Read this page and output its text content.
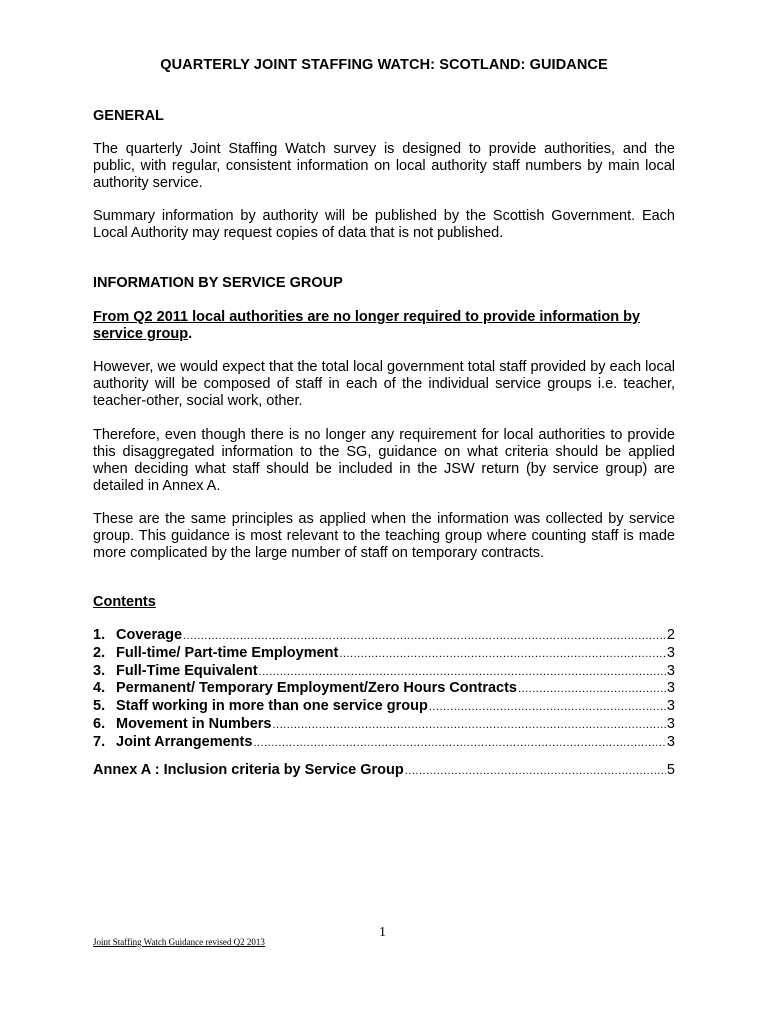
QUARTERLY JOINT STAFFING WATCH: SCOTLAND: GUIDANCE
GENERAL
The quarterly Joint Staffing Watch survey is designed to provide authorities, and the public, with regular, consistent information on local authority staff numbers by main local authority service.
Summary information by authority will be published by the Scottish Government. Each Local Authority may request copies of data that is not published.
INFORMATION BY SERVICE GROUP
From Q2 2011 local authorities are no longer required to provide information by service group.
However, we would expect that the total local government total staff provided by each local authority will be composed of staff in each of the individual service groups i.e. teacher, teacher-other, social work, other.
Therefore, even though there is no longer any requirement for local authorities to provide this disaggregated information to the SG, guidance on what criteria should be applied when deciding what staff should be included in the JSW return (by service group) are detailed in Annex A.
These are the same principles as applied when the information was collected by service group. This guidance is most relevant to the teaching group where counting staff is made more complicated by the large number of staff on temporary contracts.
Contents
1. Coverage .....	2
2. Full-time/ Part-time Employment .....	3
3. Full-Time Equivalent .....	3
4. Permanent/ Temporary Employment/Zero Hours Contracts .....	3
5. Staff working in more than one service group .....	3
6. Movement in Numbers .....	3
7. Joint Arrangements .....	3
Annex A : Inclusion criteria by Service Group .....	5
1
Joint Staffing Watch Guidance revised Q2 2013
